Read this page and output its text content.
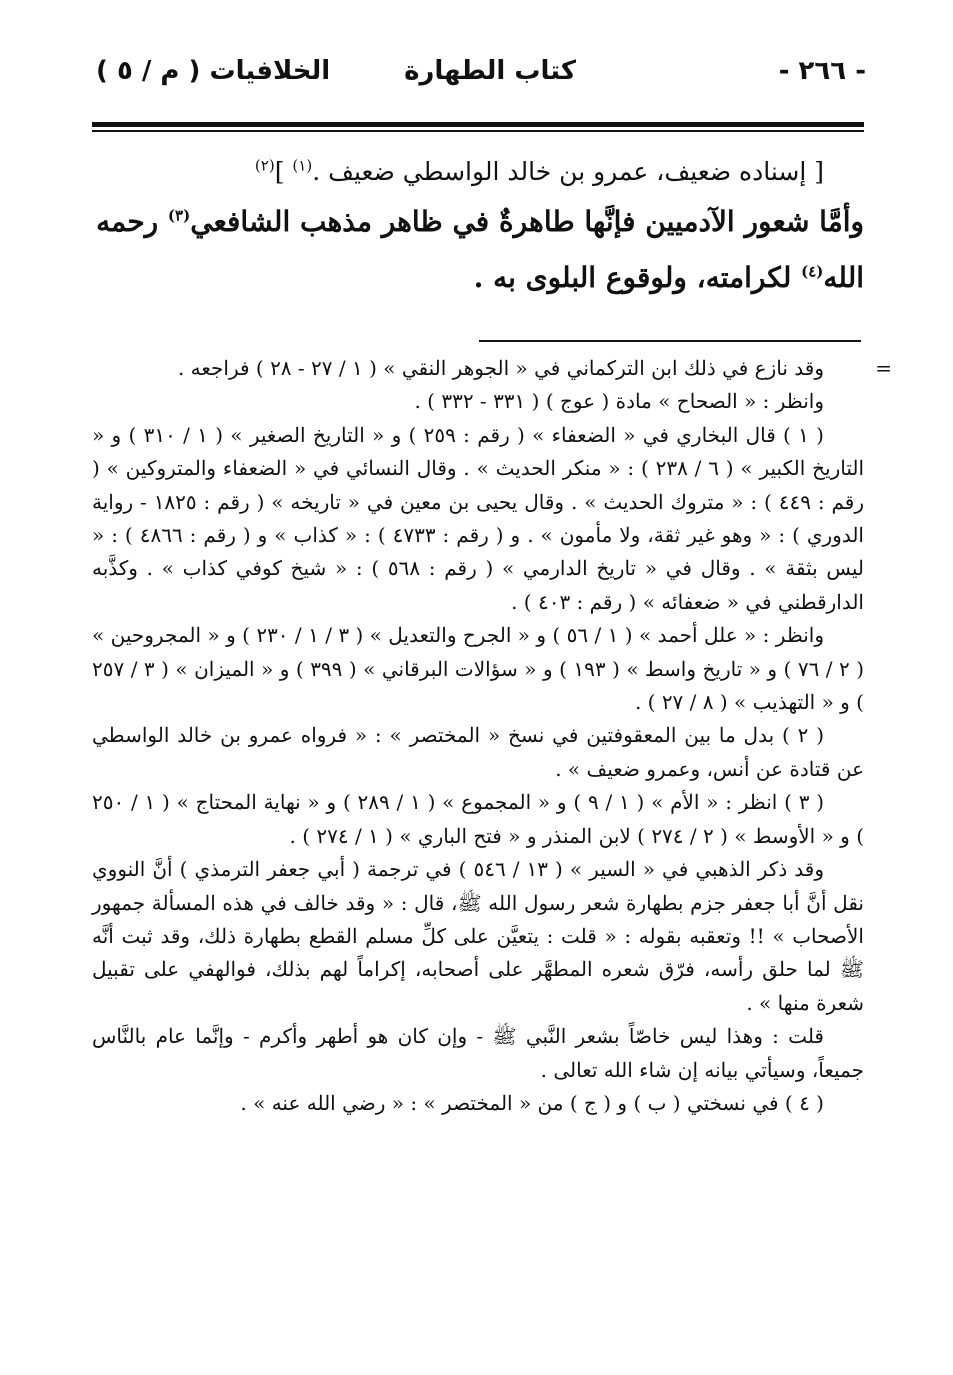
- ٢٦٦ -
كتاب الطهارة
الخلافيات ( م / ٥ )

[ إسناده ضعيف، عمرو بن خالد الواسطي ضعيف .$^{(١)}$ ]$^{(٢)}$

وأمَّا شعور الآدميين فإنَّها طاهرةٌ في ظاهر مذهب الشافعي$^{(٣)}$ رحمه الله$^{(٤)}$ لكرامته، ولوقوع البلوى به .

=
وقد نازع في ذلك ابن التركماني في « الجوهر النقي » ( ١ / ٢٧ - ٢٨ ) فراجعه .

وانظر : « الصحاح » مادة ( عوج ) ( ٣٣١ - ٣٣٢ ) .

( ١ ) قال البخاري في « الضعفاء » ( رقم : ٢٥٩ ) و « التاريخ الصغير » ( ١ / ٣١٠ ) و « التاريخ الكبير » ( ٦ / ٢٣٨ ) : « منكر الحديث » . وقال النسائي في « الضعفاء والمتروكين » ( رقم : ٤٤٩ ) : « متروك الحديث » . وقال يحيى بن معين في « تاريخه » ( رقم : ١٨٢٥ - رواية الدوري ) : « وهو غير ثقة، ولا مأمون » . و ( رقم : ٤٧٣٣ ) : « كذاب » و ( رقم : ٤٨٦٦ ) : « ليس بثقة » . وقال في « تاريخ الدارمي » ( رقم : ٥٦٨ ) : « شيخ كوفي كذاب » . وكذَّبه الدارقطني في « ضعفائه » ( رقم : ٤٠٣ ) .

وانظر : « علل أحمد » ( ١ / ٥٦ ) و « الجرح والتعديل » ( ٣ / ١ / ٢٣٠ ) و « المجروحين » ( ٢ / ٧٦ ) و « تاريخ واسط » ( ١٩٣ ) و « سؤالات البرقاني » ( ٣٩٩ ) و « الميزان » ( ٣ / ٢٥٧ ) و « التهذيب » ( ٨ / ٢٧ ) .

( ٢ ) بدل ما بين المعقوفتين في نسخ « المختصر » : « فرواه عمرو بن خالد الواسطي عن قتادة عن أنس، وعمرو ضعيف » .

( ٣ ) انظر : « الأم » ( ١ / ٩ ) و « المجموع » ( ١ / ٢٨٩ ) و « نهاية المحتاج » ( ١ / ٢٥٠ ) و « الأوسط » ( ٢ / ٢٧٤ ) لابن المنذر و « فتح الباري » ( ١ / ٢٧٤ ) .

وقد ذكر الذهبي في « السير » ( ١٣ / ٥٤٦ ) في ترجمة ( أبي جعفر الترمذي ) أنَّ النووي نقل أنَّ أبا جعفر جزم بطهارة شعر رسول الله ﷺ، قال : « وقد خالف في هذه المسألة جمهور الأصحاب » !! وتعقبه بقوله : « قلت : يتعيَّن على كلِّ مسلم القطع بطهارة ذلك، وقد ثبت أنَّه ﷺ لما حلق رأسه، فرّق شعره المطهَّر على أصحابه، إكراماً لهم بذلك، فوالهفي على تقبيل شعرة منها » .

قلت : وهذا ليس خاصّاً بشعر النَّبي ﷺ - وإن كان هو أطهر وأكرم - وإنَّما عام بالنَّاس جميعاً، وسيأتي بيانه إن شاء الله تعالى .

( ٤ ) في نسختي ( ب ) و ( ج ) من « المختصر » : « رضي الله عنه » .
